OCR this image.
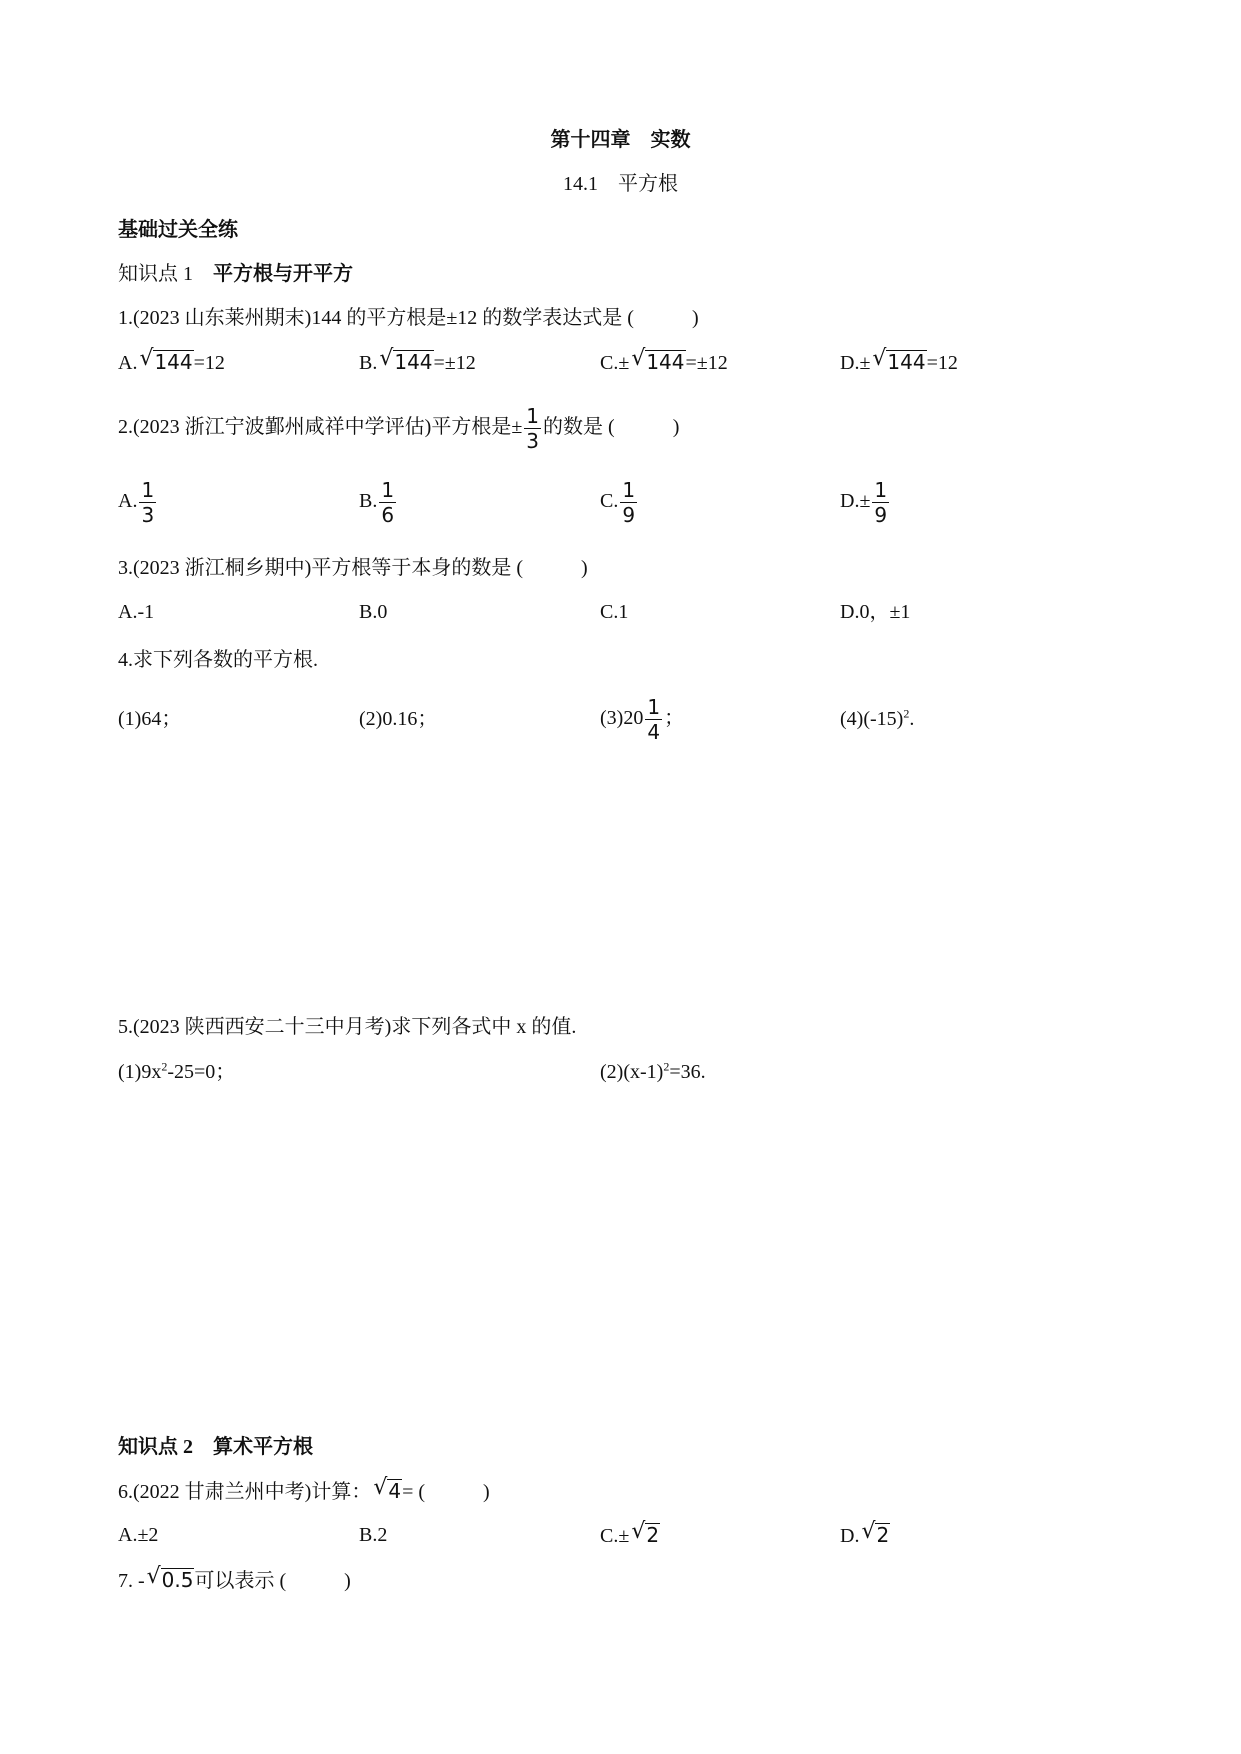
第十四章　实数
14.1　平方根
基础过关全练
知识点 1　 平方根与开平方
1.(2023 山东莱州期末)144 的平方根是±12 的数学表达式是 (	)
A. √ 144=12	B. √ 144=±12	C.± √ 144=±12	D.± √ 144=12
2.(2023 浙江宁波鄞州咸祥中学评估)平方根是± $\frac{1}{3}$ 的数是 (	)
A. $\frac{1}{3}$	B. $\frac{1}{6}$	C. $\frac{1}{9}$	$D.\pm \frac{1}{9}$
3.(2023 浙江桐乡期中)平方根等于本身的数是 (	)
A.-1	B.0	C.1	D.0，±1
4.求下列各数的平方根.
(1)64；	(2)0.16；	$(3)20 \frac{1}{4}$ ；	$(4)(-15)^2$.
5.(2023 陕西西安二十三中月考)求下列各式中 x 的值.
$(1)9x^2-25=0$；	$(2)(x-1)^2=36$.
知识点 2　 算术平方根
6.(2022 甘肃兰州中考)计算： √ 4= (	)
A.±2	B.2	C.± √ 2	D. √ 2
7. - √ 0.5可以表示 (	)
